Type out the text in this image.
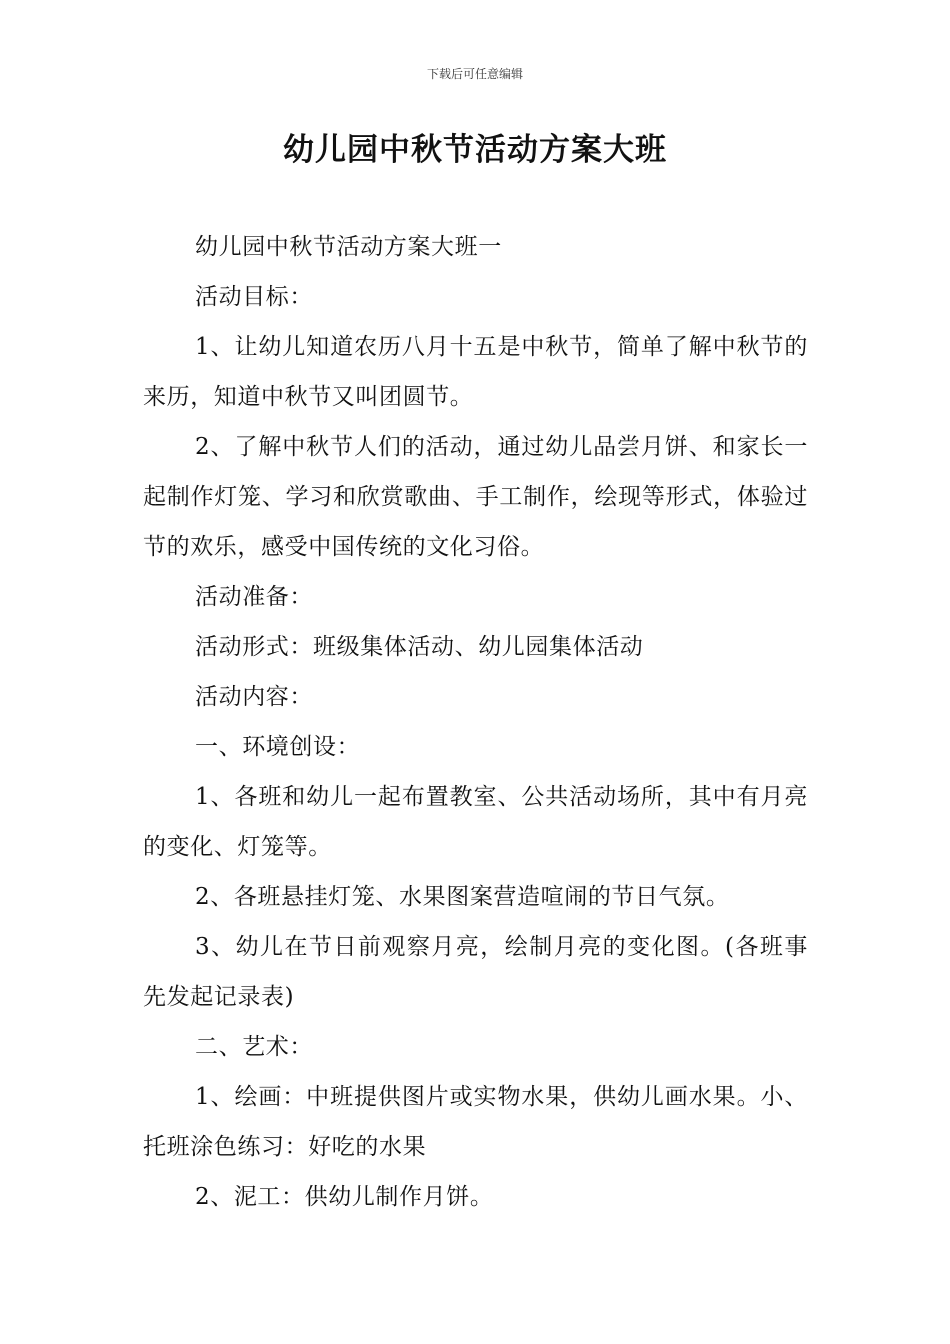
下载后可任意编辑
幼儿园中秋节活动方案大班

幼儿园中秋节活动方案大班一

活动目标：

1、让幼儿知道农历八月十五是中秋节，简单了解中秋节的来历，知道中秋节又叫团圆节。

2、了解中秋节人们的活动，通过幼儿品尝月饼、和家长一起制作灯笼、学习和欣赏歌曲、手工制作，绘现等形式，体验过节的欢乐，感受中国传统的文化习俗。

活动准备：

活动形式：班级集体活动、幼儿园集体活动

活动内容：

一、环境创设：

1、各班和幼儿一起布置教室、公共活动场所，其中有月亮的变化、灯笼等。

2、各班悬挂灯笼、水果图案营造喧闹的节日气氛。

3、幼儿在节日前观察月亮，绘制月亮的变化图。(各班事先发起记录表)

二、艺术：

1、绘画：中班提供图片或实物水果，供幼儿画水果。小、托班涂色练习：好吃的水果

2、泥工：供幼儿制作月饼。
